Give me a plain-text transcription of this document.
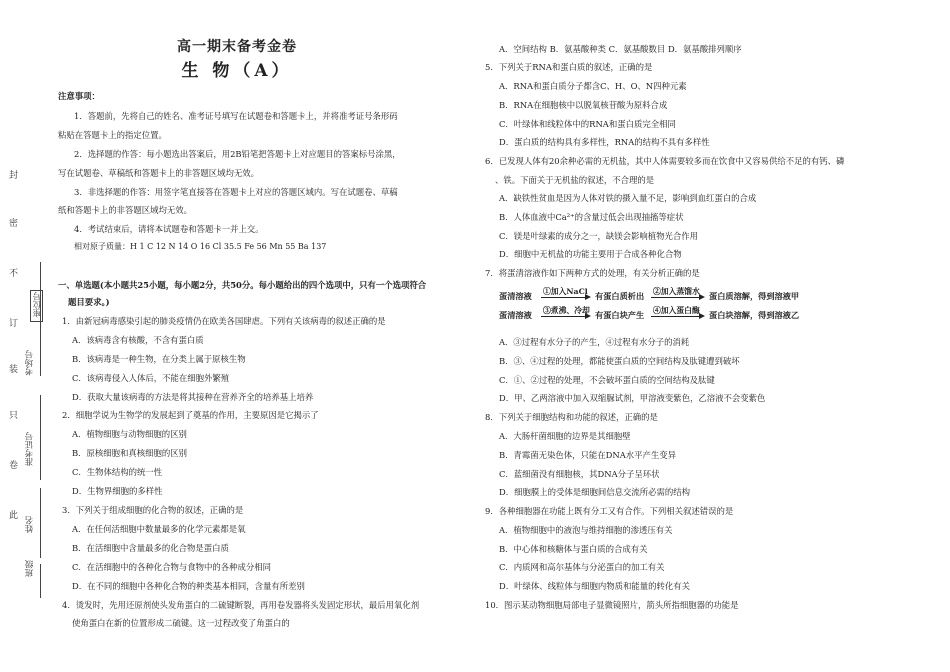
封
密
不
订
装
只
卷
此
座位号
考场号
准考证号
姓名
班级
高一期末备考金卷
生 物（A）
注意事项：
1．答题前，先将自己的姓名、准考证号填写在试题卷和答题卡上，并将准考证号条形码
粘贴在答题卡上的指定位置。
2．选择题的作答：每小题选出答案后，用2B铅笔把答题卡上对应题目的答案标号涂黑，
写在试题卷、草稿纸和答题卡上的非答题区域均无效。
3．非选择题的作答：用签字笔直接答在答题卡上对应的答题区域内。写在试题卷、草稿
纸和答题卡上的非答题区域均无效。
4．考试结束后，请将本试题卷和答题卡一并上交。
相对原子质量：H 1 C 12 N 14 O 16 Cl 35.5 Fe 56 Mn 55 Ba 137
一、单选题(本小题共25小题，每小题2分，共50分。每小题给出的四个选项中，只有一个选项符合
题目要求。)
1．由新冠病毒感染引起的肺炎疫情仍在欧美各国肆虐。下列有关该病毒的叙述正确的是
A．该病毒含有核酸，不含有蛋白质
B．该病毒是一种生物，在分类上属于原核生物
C．该病毒侵入人体后，不能在细胞外繁殖
D．获取大量该病毒的方法是将其接种在营养齐全的培养基上培养
2．细胞学说为生物学的发展起到了奠基的作用，主要原因是它揭示了
A．植物细胞与动物细胞的区别
B．原核细胞和真核细胞的区别
C．生物体结构的统一性
D．生物界细胞的多样性
3．下列关于组成细胞的化合物的叙述，正确的是
A．在任何活细胞中数量最多的化学元素都是氧
B．在活细胞中含量最多的化合物是蛋白质
C．在活细胞中的各种化合物与食物中的各种成分相同
D．在不同的细胞中各种化合物的种类基本相同，含量有所差别
4．烫发时，先用还原剂使头发角蛋白的二硫键断裂，再用卷发器将头发固定形状，最后用氧化剂
使角蛋白在新的位置形成二硫键。这一过程改变了角蛋白的
A．空间结构 B．氨基酸种类 C．氨基酸数目 D．氨基酸排列顺序
5．下列关于RNA和蛋白质的叙述，正确的是
A．RNA和蛋白质分子都含C、H、O、N四种元素
B．RNA在细胞核中以脱氧核苷酸为原料合成
C．叶绿体和线粒体中的RNA和蛋白质完全相同
D．蛋白质的结构具有多样性，RNA的结构不具有多样性
6．已发现人体有20余种必需的无机盐，其中人体需要较多而在饮食中又容易供给不足的有钙、磷
、铁。下面关于无机盐的叙述，不合理的是
A．缺铁性贫血是因为人体对铁的摄入量不足，影响到血红蛋白的合成
B．人体血液中Ca²⁺的含量过低会出现抽搐等症状
C．镁是叶绿素的成分之一，缺镁会影响植物光合作用
D．细胞中无机盐的功能主要用于合成各种化合物
7．将蛋清溶液作如下两种方式的处理，有关分析正确的是
A．③过程有水分子的产生，④过程有水分子的消耗
B．③、④过程的处理，都能使蛋白质的空间结构及肽键遭到破坏
C．①、②过程的处理，不会破坏蛋白质的空间结构及肽键
D．甲、乙两溶液中加入双缩脲试剂，甲溶液变紫色，乙溶液不会变紫色
8．下列关于细胞结构和功能的叙述，正确的是
A．大肠杆菌细胞的边界是其细胞壁
B．青霉菌无染色体，只能在DNA水平产生变异
C．蓝细菌没有细胞核，其DNA分子呈环状
D．细胞膜上的受体是细胞间信息交流所必需的结构
9．各种细胞器在功能上既有分工又有合作。下列相关叙述错误的是
A．植物细胞中的液泡与维持细胞的渗透压有关
B．中心体和核糖体与蛋白质的合成有关
C．内质网和高尔基体与分泌蛋白的加工有关
D．叶绿体、线粒体与细胞内物质和能量的转化有关
10．图示某动物细胞局部电子显微镜照片，箭头所指细胞器的功能是
蛋清溶液 ①加入NaCl 有蛋白质析出 ②加入蒸馏水 蛋白质溶解，得到溶液甲
蛋清溶液 ③煮沸、冷却 有蛋白块产生 ④加入蛋白酶 蛋白块溶解，得到溶液乙
